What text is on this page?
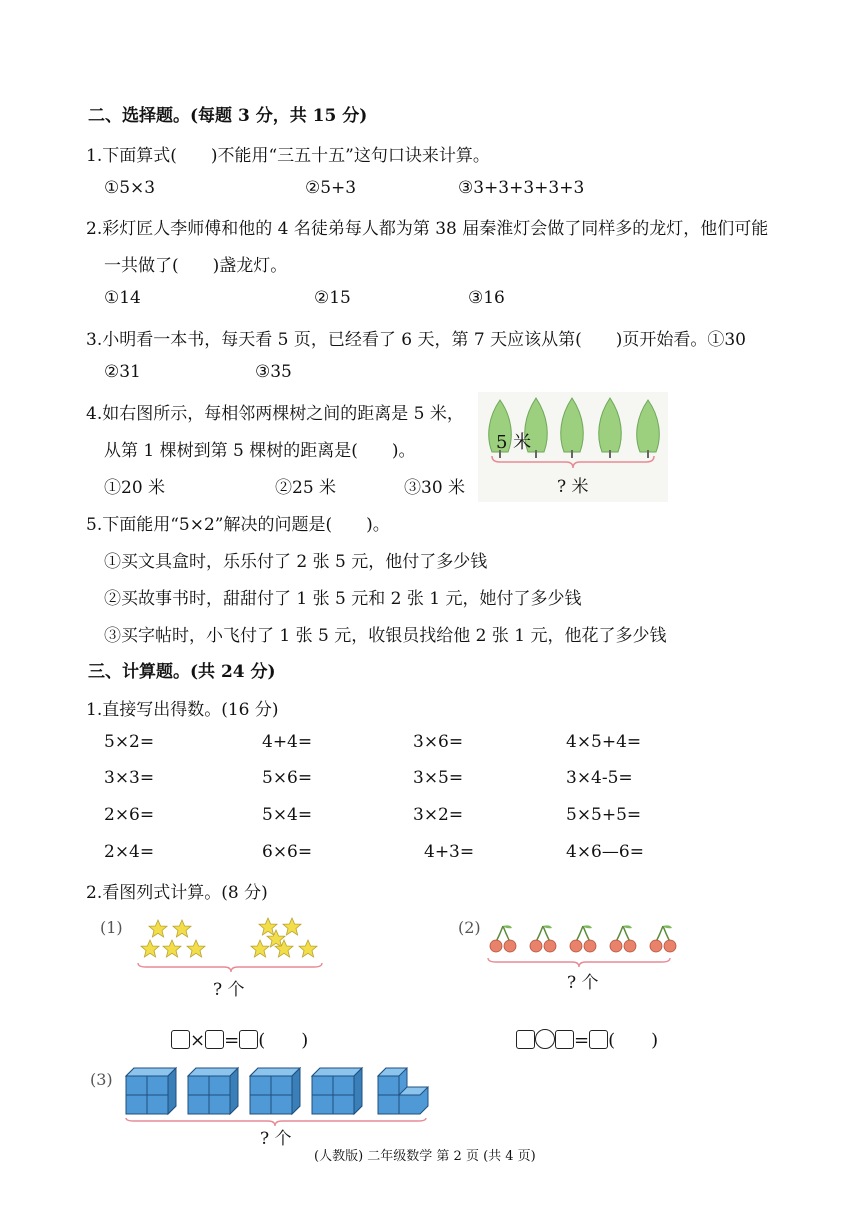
二、选择题。(每题 3 分，共 15 分)
1.下面算式(　　)不能用“三五十五”这句口诀来计算。
①5×3	②5+3	③3+3+3+3+3
2.彩灯匠人李师傅和他的 4 名徒弟每人都为第 38 届秦淮灯会做了同样多的龙灯，他们可能
一共做了(　　)盏龙灯。
①14	②15	③16
3.小明看一本书，每天看 5 页，已经看了 6 天，第 7 天应该从第(　　)页开始看。①30
②31	③35
4.如右图所示，每相邻两棵树之间的距离是 5 米，
从第 1 棵树到第 5 棵树的距离是(　　)。
①20 米	②25 米	③30 米
5 米
? 米
5.下面能用“5×2”解决的问题是(　　)。
①买文具盒时，乐乐付了 2 张 5 元，他付了多少钱
②买故事书时，甜甜付了 1 张 5 元和 2 张 1 元，她付了多少钱
③买字帖时，小飞付了 1 张 5 元，收银员找给他 2 张 1 元，他花了多少钱
三、计算题。(共 24 分)
1.直接写出得数。(16 分)
5×2=	4+4=	3×6=	4×5+4=
3×3=	5×6=	3×5=	3×4-5=
2×6=	5×4=	3×2=	5×5+5=
2×4=	6×6=	4+3=	4×6—6=
2.看图列式计算。(8 分)
(1)
? 个
× = (　　)
(2)
? 个
= (　　)
(3)
? 个
(人教版) 二年级数学 第 2 页 (共 4 页)
